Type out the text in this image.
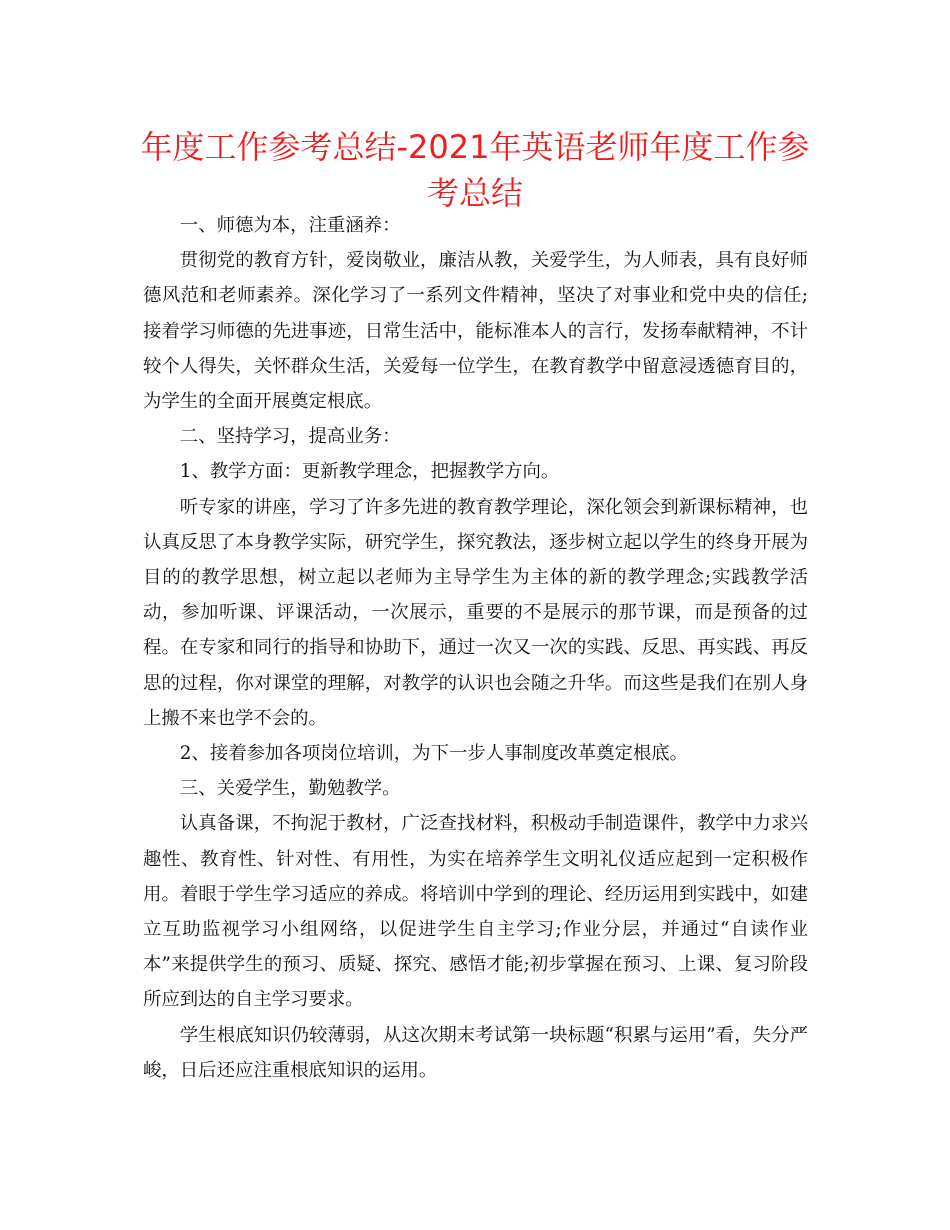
年度工作参考总结-2021年英语老师年度工作参考总结

一、师德为本，注重涵养：

贯彻党的教育方针，爱岗敬业，廉洁从教，关爱学生，为人师表，具有良好师德风范和老师素养。深化学习了一系列文件精神，坚决了对事业和党中央的信任;接着学习师德的先进事迹，日常生活中，能标准本人的言行，发扬奉献精神，不计较个人得失，关怀群众生活，关爱每一位学生，在教育教学中留意浸透德育目的，为学生的全面开展奠定根底。

二、坚持学习，提高业务：

1、教学方面：更新教学理念，把握教学方向。

听专家的讲座，学习了许多先进的教育教学理论，深化领会到新课标精神，也认真反思了本身教学实际，研究学生，探究教法，逐步树立起以学生的终身开展为目的的教学思想，树立起以老师为主导学生为主体的新的教学理念;实践教学活动，参加听课、评课活动，一次展示，重要的不是展示的那节课，而是预备的过程。在专家和同行的指导和协助下，通过一次又一次的实践、反思、再实践、再反思的过程，你对课堂的理解，对教学的认识也会随之升华。而这些是我们在别人身上搬不来也学不会的。

2、接着参加各项岗位培训，为下一步人事制度改革奠定根底。

三、关爱学生，勤勉教学。

认真备课，不拘泥于教材，广泛查找材料，积极动手制造课件，教学中力求兴趣性、教育性、针对性、有用性，为实在培养学生文明礼仪适应起到一定积极作用。着眼于学生学习适应的养成。将培训中学到的理论、经历运用到实践中，如建立互助监视学习小组网络，以促进学生自主学习;作业分层，并通过“自读作业本”来提供学生的预习、质疑、探究、感悟才能;初步掌握在预习、上课、复习阶段所应到达的自主学习要求。

学生根底知识仍较薄弱，从这次期末考试第一块标题“积累与运用”看，失分严峻，日后还应注重根底知识的运用。
